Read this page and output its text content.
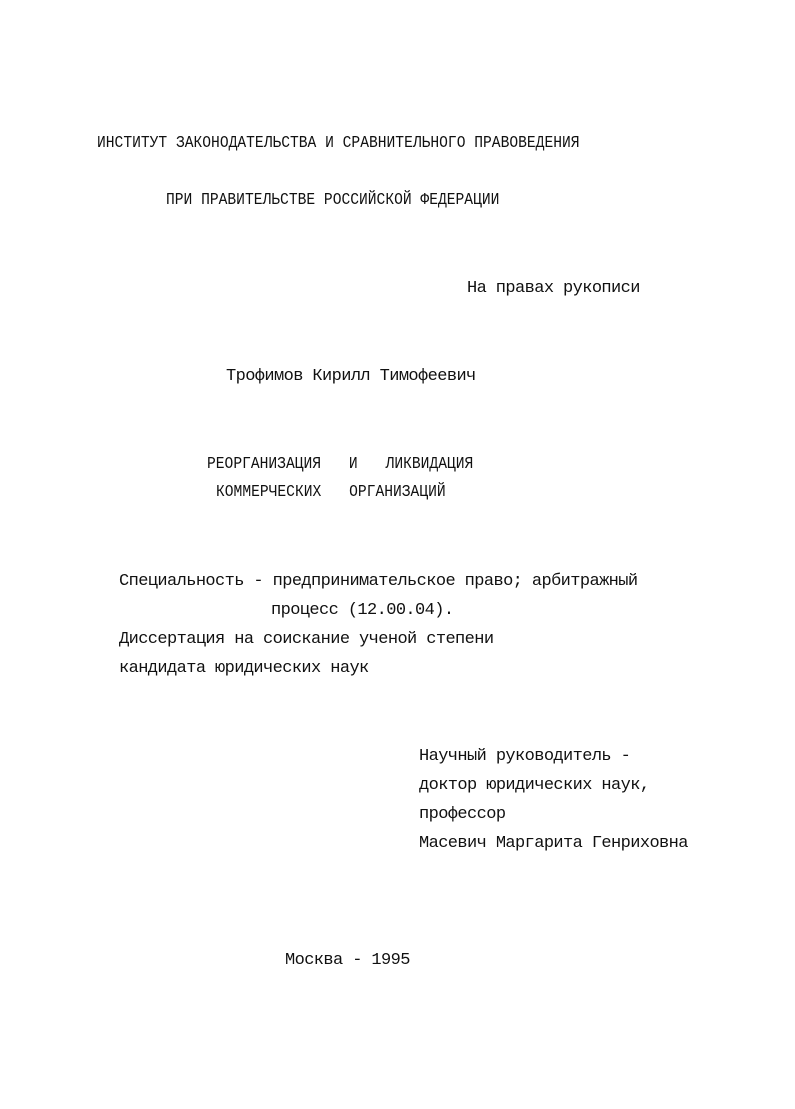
ИНСТИТУТ ЗАКОНОДАТЕЛЬСТВА И СРАВНИТЕЛЬНОГО ПРАВОВЕДЕНИЯ
ПРИ ПРАВИТЕЛЬСТВЕ РОССИЙСКОЙ ФЕДЕРАЦИИ
На правах рукописи
Трофимов Кирилл Тимофеевич
РЕОРГАНИЗАЦИЯ  И  ЛИКВИДАЦИЯ
КОММЕРЧЕСКИХ  ОРГАНИЗАЦИЙ
Специальность - предпринимательское право; арбитражный
процесс (12.00.04).
Диссертация на соискание ученой степени
кандидата юридических наук
Научный руководитель -
доктор юридических наук,
профессор
Масевич Маргарита Генриховна
Москва - 1995
